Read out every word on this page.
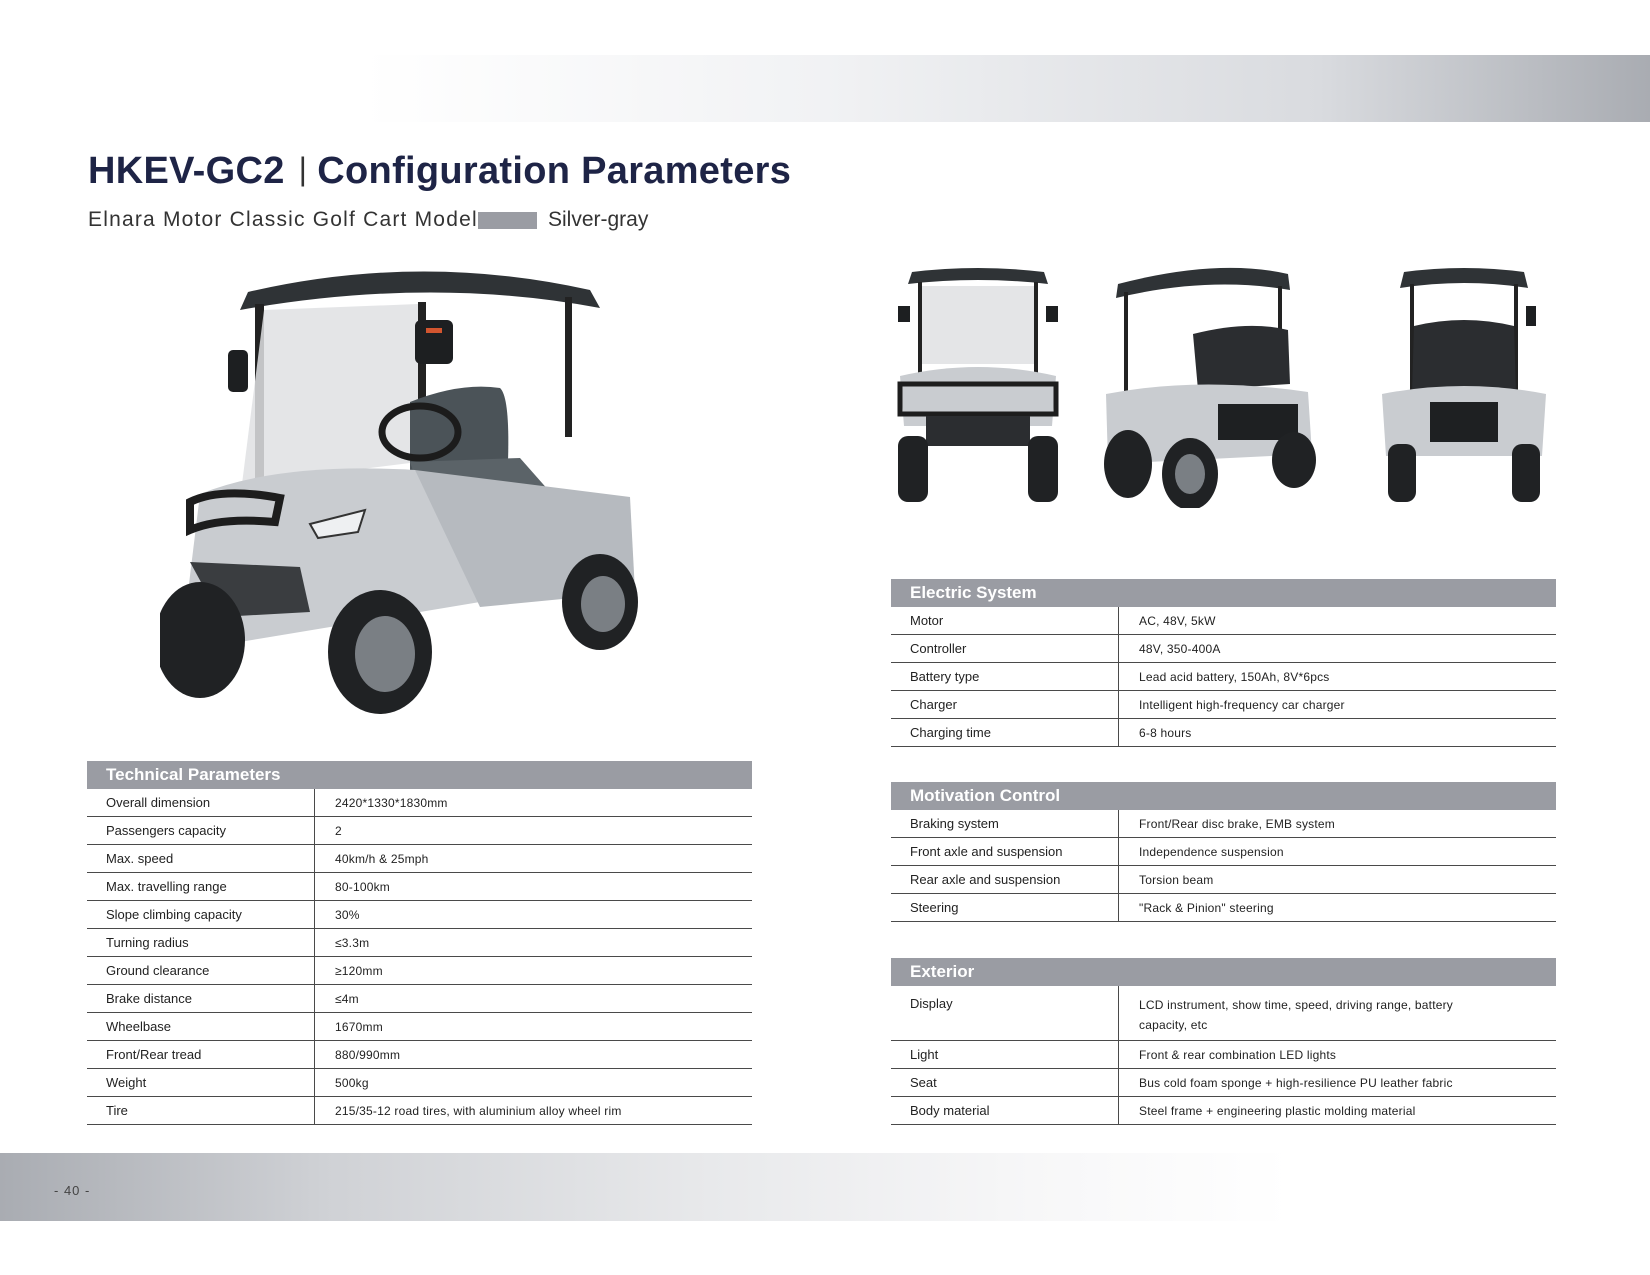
HKEV-GC2 | Configuration Parameters
Elnara Motor Classic Golf Cart Model	Silver-gray
Technical Parameters
Overall dimension	2420*1330*1830mm
Passengers capacity	2
Max. speed	40km/h & 25mph
Max. travelling range	80-100km
Slope climbing capacity	30%
Turning radius	≤3.3m
Ground clearance	≥120mm
Brake distance	≤4m
Wheelbase	1670mm
Front/Rear tread	880/990mm
Weight	500kg
Tire	215/35-12 road tires, with aluminium alloy wheel rim
Electric System
Motor	AC, 48V, 5kW
Controller	48V, 350-400A
Battery type	Lead acid battery, 150Ah, 8V*6pcs
Charger	Intelligent high-frequency car charger
Charging time	6-8 hours
Motivation Control
Braking system	Front/Rear disc brake, EMB system
Front axle and suspension	Independence suspension
Rear axle and suspension	Torsion beam
Steering	"Rack & Pinion" steering
Exterior
Display	LCD instrument, show time, speed, driving range, battery capacity, etc
Light	Front & rear combination LED lights
Seat	Bus cold foam sponge + high-resilience PU leather fabric
Body material	Steel frame + engineering plastic molding material
- 40 -
